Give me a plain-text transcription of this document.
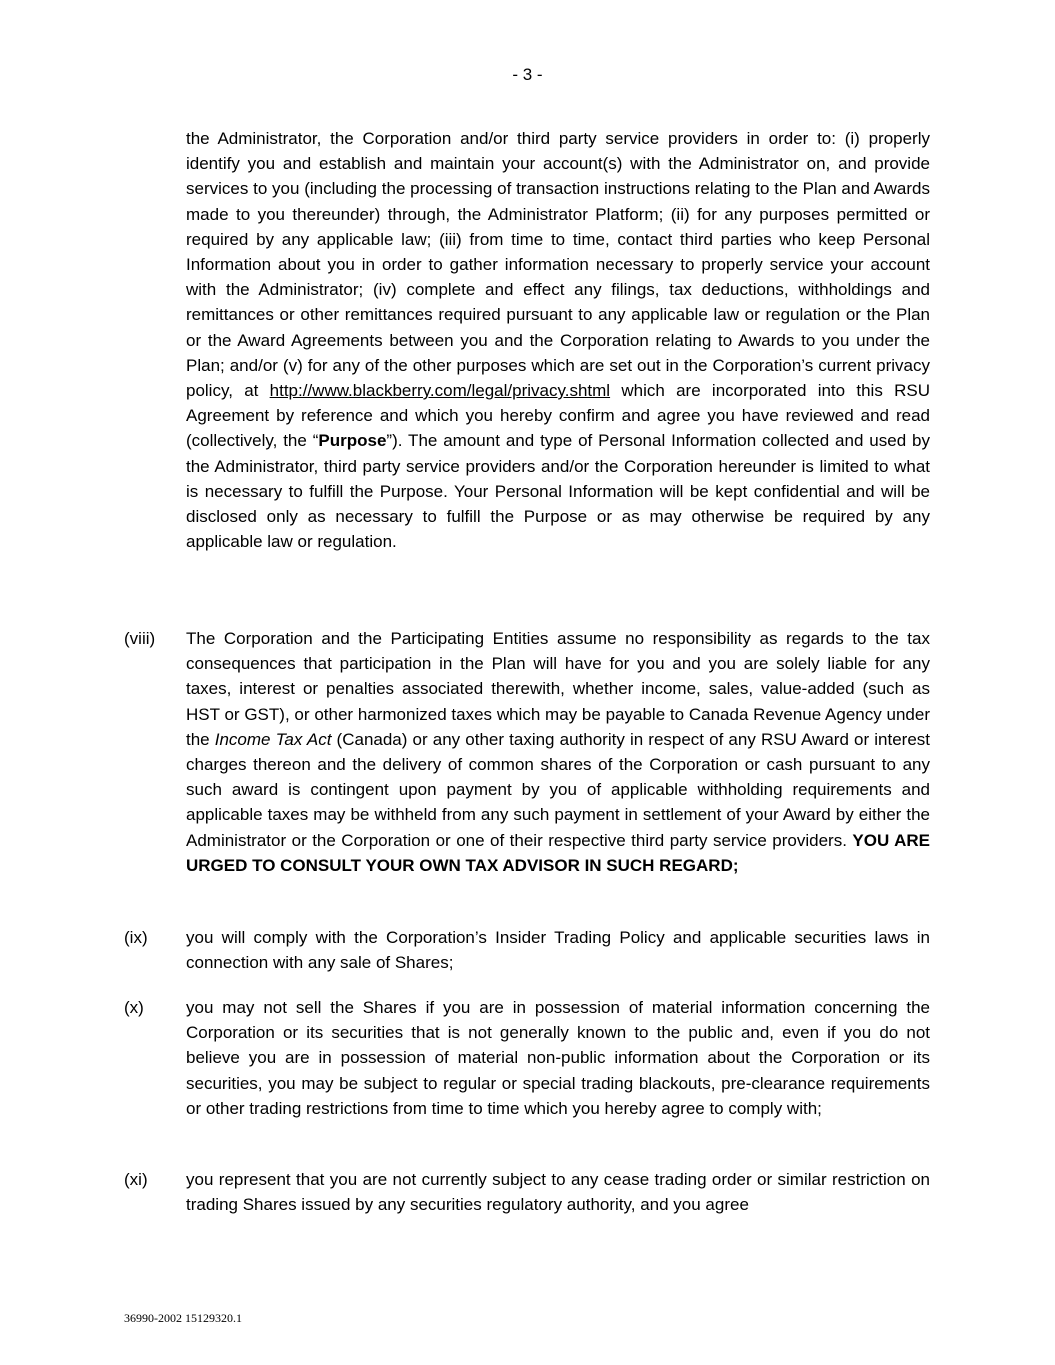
- 3 -
the Administrator, the Corporation and/or third party service providers in order to: (i) properly identify you and establish and maintain your account(s) with the Administrator on, and provide services to you (including the processing of transaction instructions relating to the Plan and Awards made to you thereunder) through, the Administrator Platform; (ii) for any purposes permitted or required by any applicable law; (iii) from time to time, contact third parties who keep Personal Information about you in order to gather information necessary to properly service your account with the Administrator; (iv) complete and effect any filings, tax deductions, withholdings and remittances or other remittances required pursuant to any applicable law or regulation or the Plan or the Award Agreements between you and the Corporation relating to Awards to you under the Plan; and/or (v) for any of the other purposes which are set out in the Corporation’s current privacy policy, at http://www.blackberry.com/legal/privacy.shtml which are incorporated into this RSU Agreement by reference and which you hereby confirm and agree you have reviewed and read (collectively, the “Purpose”). The amount and type of Personal Information collected and used by the Administrator, third party service providers and/or the Corporation hereunder is limited to what is necessary to fulfill the Purpose. Your Personal Information will be kept confidential and will be disclosed only as necessary to fulfill the Purpose or as may otherwise be required by any applicable law or regulation.
(viii) The Corporation and the Participating Entities assume no responsibility as regards to the tax consequences that participation in the Plan will have for you and you are solely liable for any taxes, interest or penalties associated therewith, whether income, sales, value-added (such as HST or GST), or other harmonized taxes which may be payable to Canada Revenue Agency under the Income Tax Act (Canada) or any other taxing authority in respect of any RSU Award or interest charges thereon and the delivery of common shares of the Corporation or cash pursuant to any such award is contingent upon payment by you of applicable withholding requirements and applicable taxes may be withheld from any such payment in settlement of your Award by either the Administrator or the Corporation or one of their respective third party service providers. YOU ARE URGED TO CONSULT YOUR OWN TAX ADVISOR IN SUCH REGARD;
(ix) you will comply with the Corporation’s Insider Trading Policy and applicable securities laws in connection with any sale of Shares;
(x) you may not sell the Shares if you are in possession of material information concerning the Corporation or its securities that is not generally known to the public and, even if you do not believe you are in possession of material non-public information about the Corporation or its securities, you may be subject to regular or special trading blackouts, pre-clearance requirements or other trading restrictions from time to time which you hereby agree to comply with;
(xi) you represent that you are not currently subject to any cease trading order or similar restriction on trading Shares issued by any securities regulatory authority, and you agree
36990-2002 15129320.1
